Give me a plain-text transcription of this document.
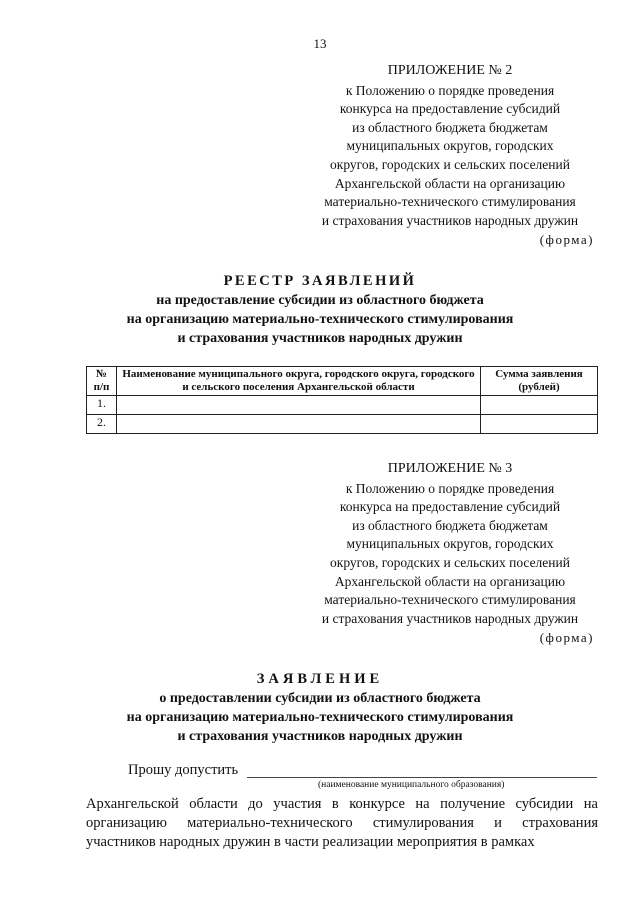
13
ПРИЛОЖЕНИЕ № 2
к Положению о порядке проведения
конкурса на предоставление субсидий
из областного бюджета бюджетам
муниципальных округов, городских
округов, городских и сельских поселений
Архангельской области на организацию
материально-технического стимулирования
и страхования участников народных дружин
(форма)
РЕЕСТР ЗАЯВЛЕНИЙ
на предоставление субсидии из областного бюджета
на организацию материально-технического стимулирования
и страхования участников народных дружин
№ п/п	Наименование муниципального округа, городского округа, городского и сельского поселения Архангельской области	Сумма заявления (рублей)
1.		
2.		
ПРИЛОЖЕНИЕ № 3
к Положению о порядке проведения
конкурса на предоставление субсидий
из областного бюджета бюджетам
муниципальных округов, городских
округов, городских и сельских поселений
Архангельской области на организацию
материально-технического стимулирования
и страхования участников народных дружин
(форма)
ЗАЯВЛЕНИЕ
о предоставлении субсидии из областного бюджета
на организацию материально-технического стимулирования
и страхования участников народных дружин
Прошу допустить
(наименование муниципального образования)
Архангельской области до участия в конкурсе на получение субсидии на организацию материально-технического стимулирования и страхования участников народных дружин в части реализации мероприятия в рамках
